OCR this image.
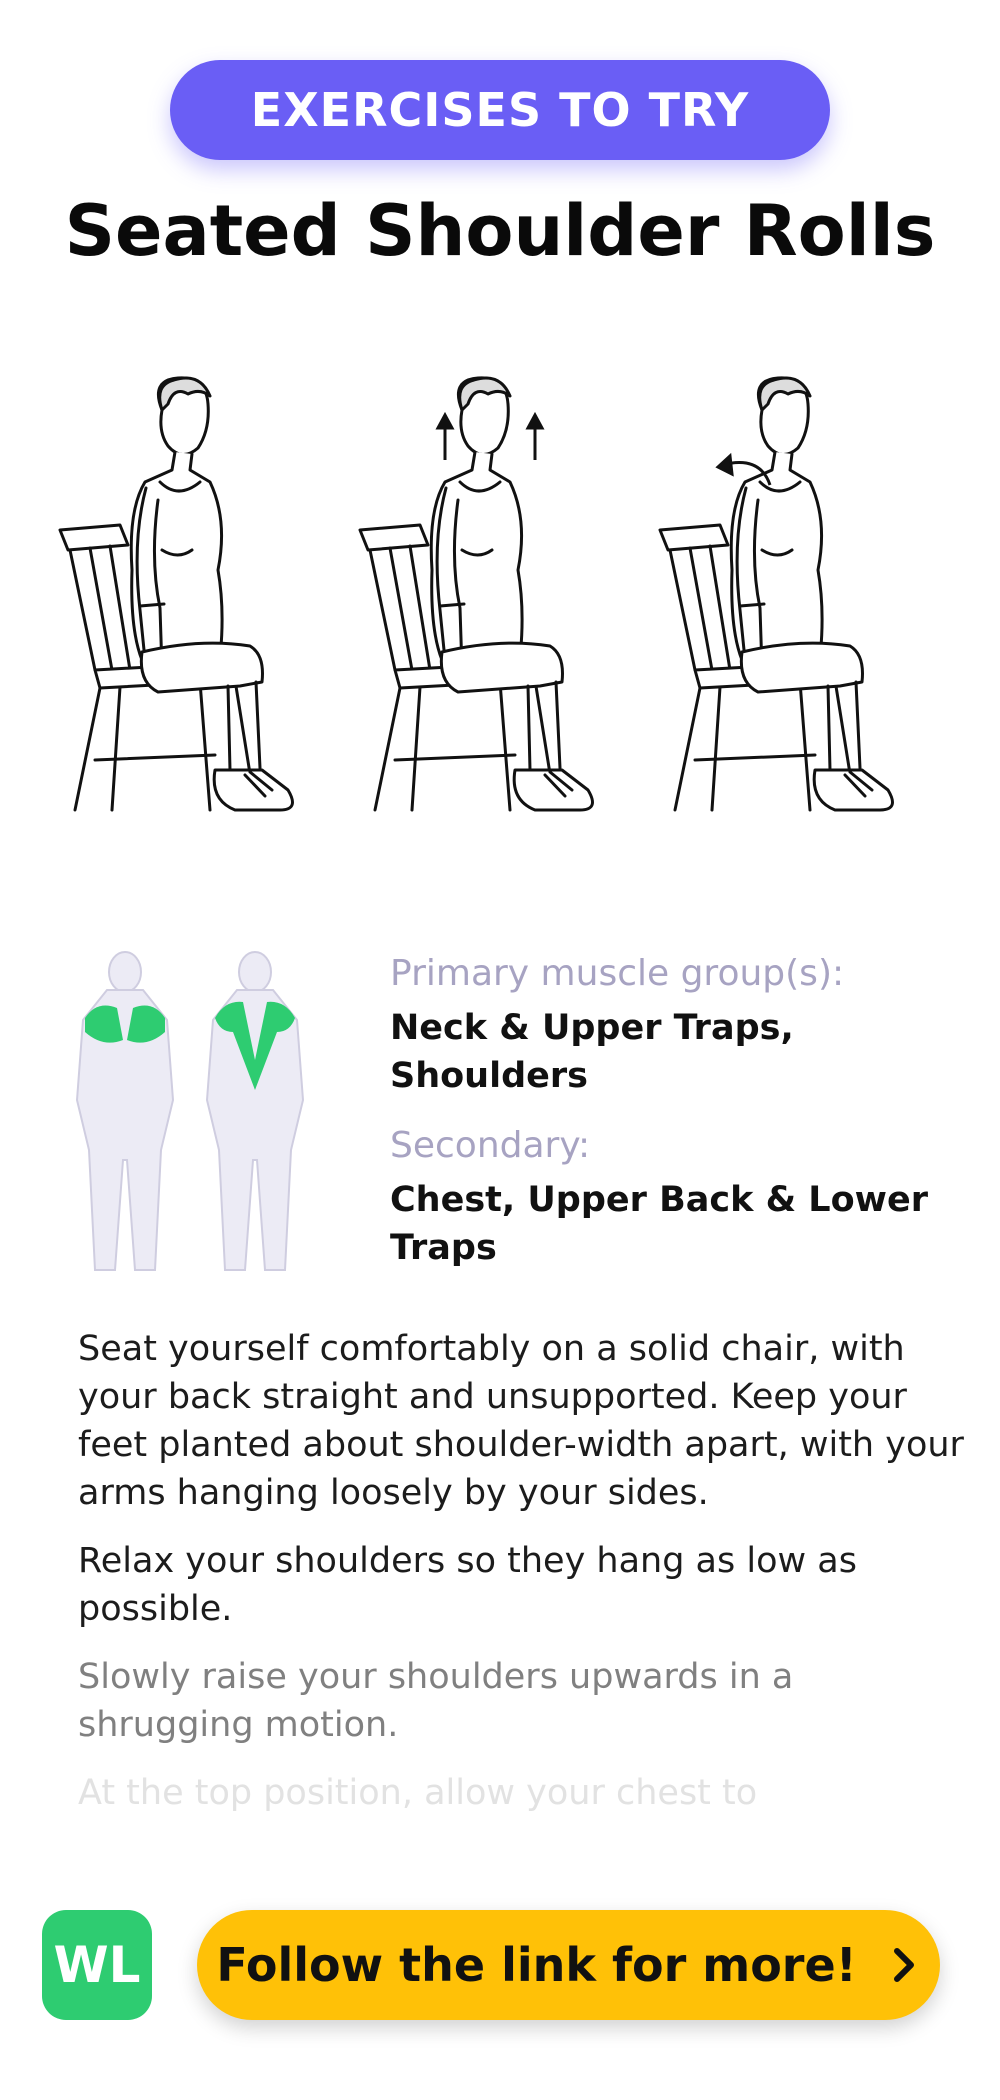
EXERCISES TO TRY
Seated Shoulder Rolls
Primary muscle group(s):
Neck & Upper Traps, Shoulders
Secondary:
Chest, Upper Back & Lower Traps

Seat yourself comfortably on a solid chair, with your back straight and unsupported. Keep your feet planted about shoulder-width apart, with your arms hanging loosely by your sides.

Relax your shoulders so they hang as low as possible.

Slowly raise your shoulders upwards in a shrugging motion.

At the top position, allow your chest to

WL Follow the link for more!
